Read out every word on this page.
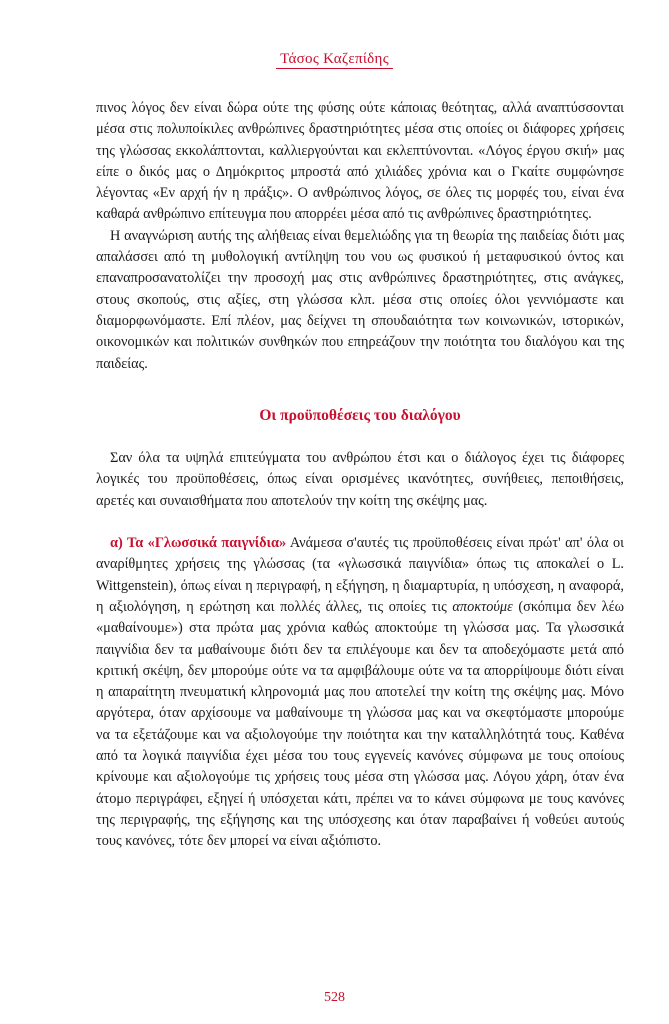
Τάσος Καζεπίδης

πινος λόγος δεν είναι δώρα ούτε της φύσης ούτε κάποιας θεότητας, αλλά αναπτύσσονται μέσα στις πολυποίκιλες ανθρώπινες δραστηριότητες μέσα στις οποίες οι διάφορες χρήσεις της γλώσσας εκκολάπτονται, καλλιεργούνται και εκλεπτύνονται. «Λόγος έργου σκιή» μας είπε ο δικός μας ο Δημόκριτος μπροστά από χιλιάδες χρόνια και ο Γκαίτε συμφώνησε λέγοντας «Εν αρχή ήν η πράξις». Ο ανθρώπινος λόγος, σε όλες τις μορφές του, είναι ένα καθαρά ανθρώπινο επίτευγμα που απορρέει μέσα από τις ανθρώπινες δραστηριότητες.

Η αναγνώριση αυτής της αλήθειας είναι θεμελιώδης για τη θεωρία της παιδείας διότι μας απαλάσσει από τη μυθολογική αντίληψη του νου ως φυσικού ή μεταφυσικού όντος και επαναπροσανατολίζει την προσοχή μας στις ανθρώπινες δραστηριότητες, στις ανάγκες, στους σκοπούς, στις αξίες, στη γλώσσα κλπ. μέσα στις οποίες όλοι γεννιόμαστε και διαμορφωνόμαστε. Επί πλέον, μας δείχνει τη σπουδαιότητα των κοινωνικών, ιστορικών, οικονομικών και πολιτικών συνθηκών που επηρεάζουν την ποιότητα του διαλόγου και της παιδείας.

Οι προϋποθέσεις του διαλόγου

Σαν όλα τα υψηλά επιτεύγματα του ανθρώπου έτσι και ο διάλογος έχει τις διάφορες λογικές του προϋποθέσεις, όπως είναι ορισμένες ικανότητες, συνήθειες, πεποιθήσεις, αρετές και συναισθήματα που αποτελούν την κοίτη της σκέψης μας.

α) Τα «Γλωσσικά παιγνίδια» Ανάμεσα σ'αυτές τις προϋποθέσεις είναι πρώτ' απ' όλα οι αναρίθμητες χρήσεις της γλώσσας (τα «γλωσσικά παιγνίδια» όπως τις αποκαλεί ο L. Wittgenstein), όπως είναι η περιγραφή, η εξήγηση, η διαμαρτυρία, η υπόσχεση, η αναφορά, η αξιολόγηση, η ερώτηση και πολλές άλλες, τις οποίες τις αποκτούμε (σκόπιμα δεν λέω «μαθαίνουμε») στα πρώτα μας χρόνια καθώς αποκτούμε τη γλώσσα μας. Τα γλωσσικά παιγνίδια δεν τα μαθαίνουμε διότι δεν τα επιλέγουμε και δεν τα αποδεχόμαστε μετά από κριτική σκέψη, δεν μπορούμε ούτε να τα αμφιβάλουμε ούτε να τα απορρίψουμε διότι είναι η απαραίτητη πνευματική κληρονομιά μας που αποτελεί την κοίτη της σκέψης μας. Μόνο αργότερα, όταν αρχίσουμε να μαθαίνουμε τη γλώσσα μας και να σκεφτόμαστε μπορούμε να τα εξετάζουμε και να αξιολογούμε την ποιότητα και την καταλληλότητά τους. Καθένα από τα λογικά παιγνίδια έχει μέσα του τους εγγενείς κανόνες σύμφωνα με τους οποίους κρίνουμε και αξιολογούμε τις χρήσεις τους μέσα στη γλώσσα μας. Λόγου χάρη, όταν ένα άτομο περιγράφει, εξηγεί ή υπόσχεται κάτι, πρέπει να το κάνει σύμφωνα με τους κανόνες της περιγραφής, της εξήγησης και της υπόσχεσης και όταν παραβαίνει ή νοθεύει αυτούς τους κανόνες, τότε δεν μπορεί να είναι αξιόπιστο.

528
